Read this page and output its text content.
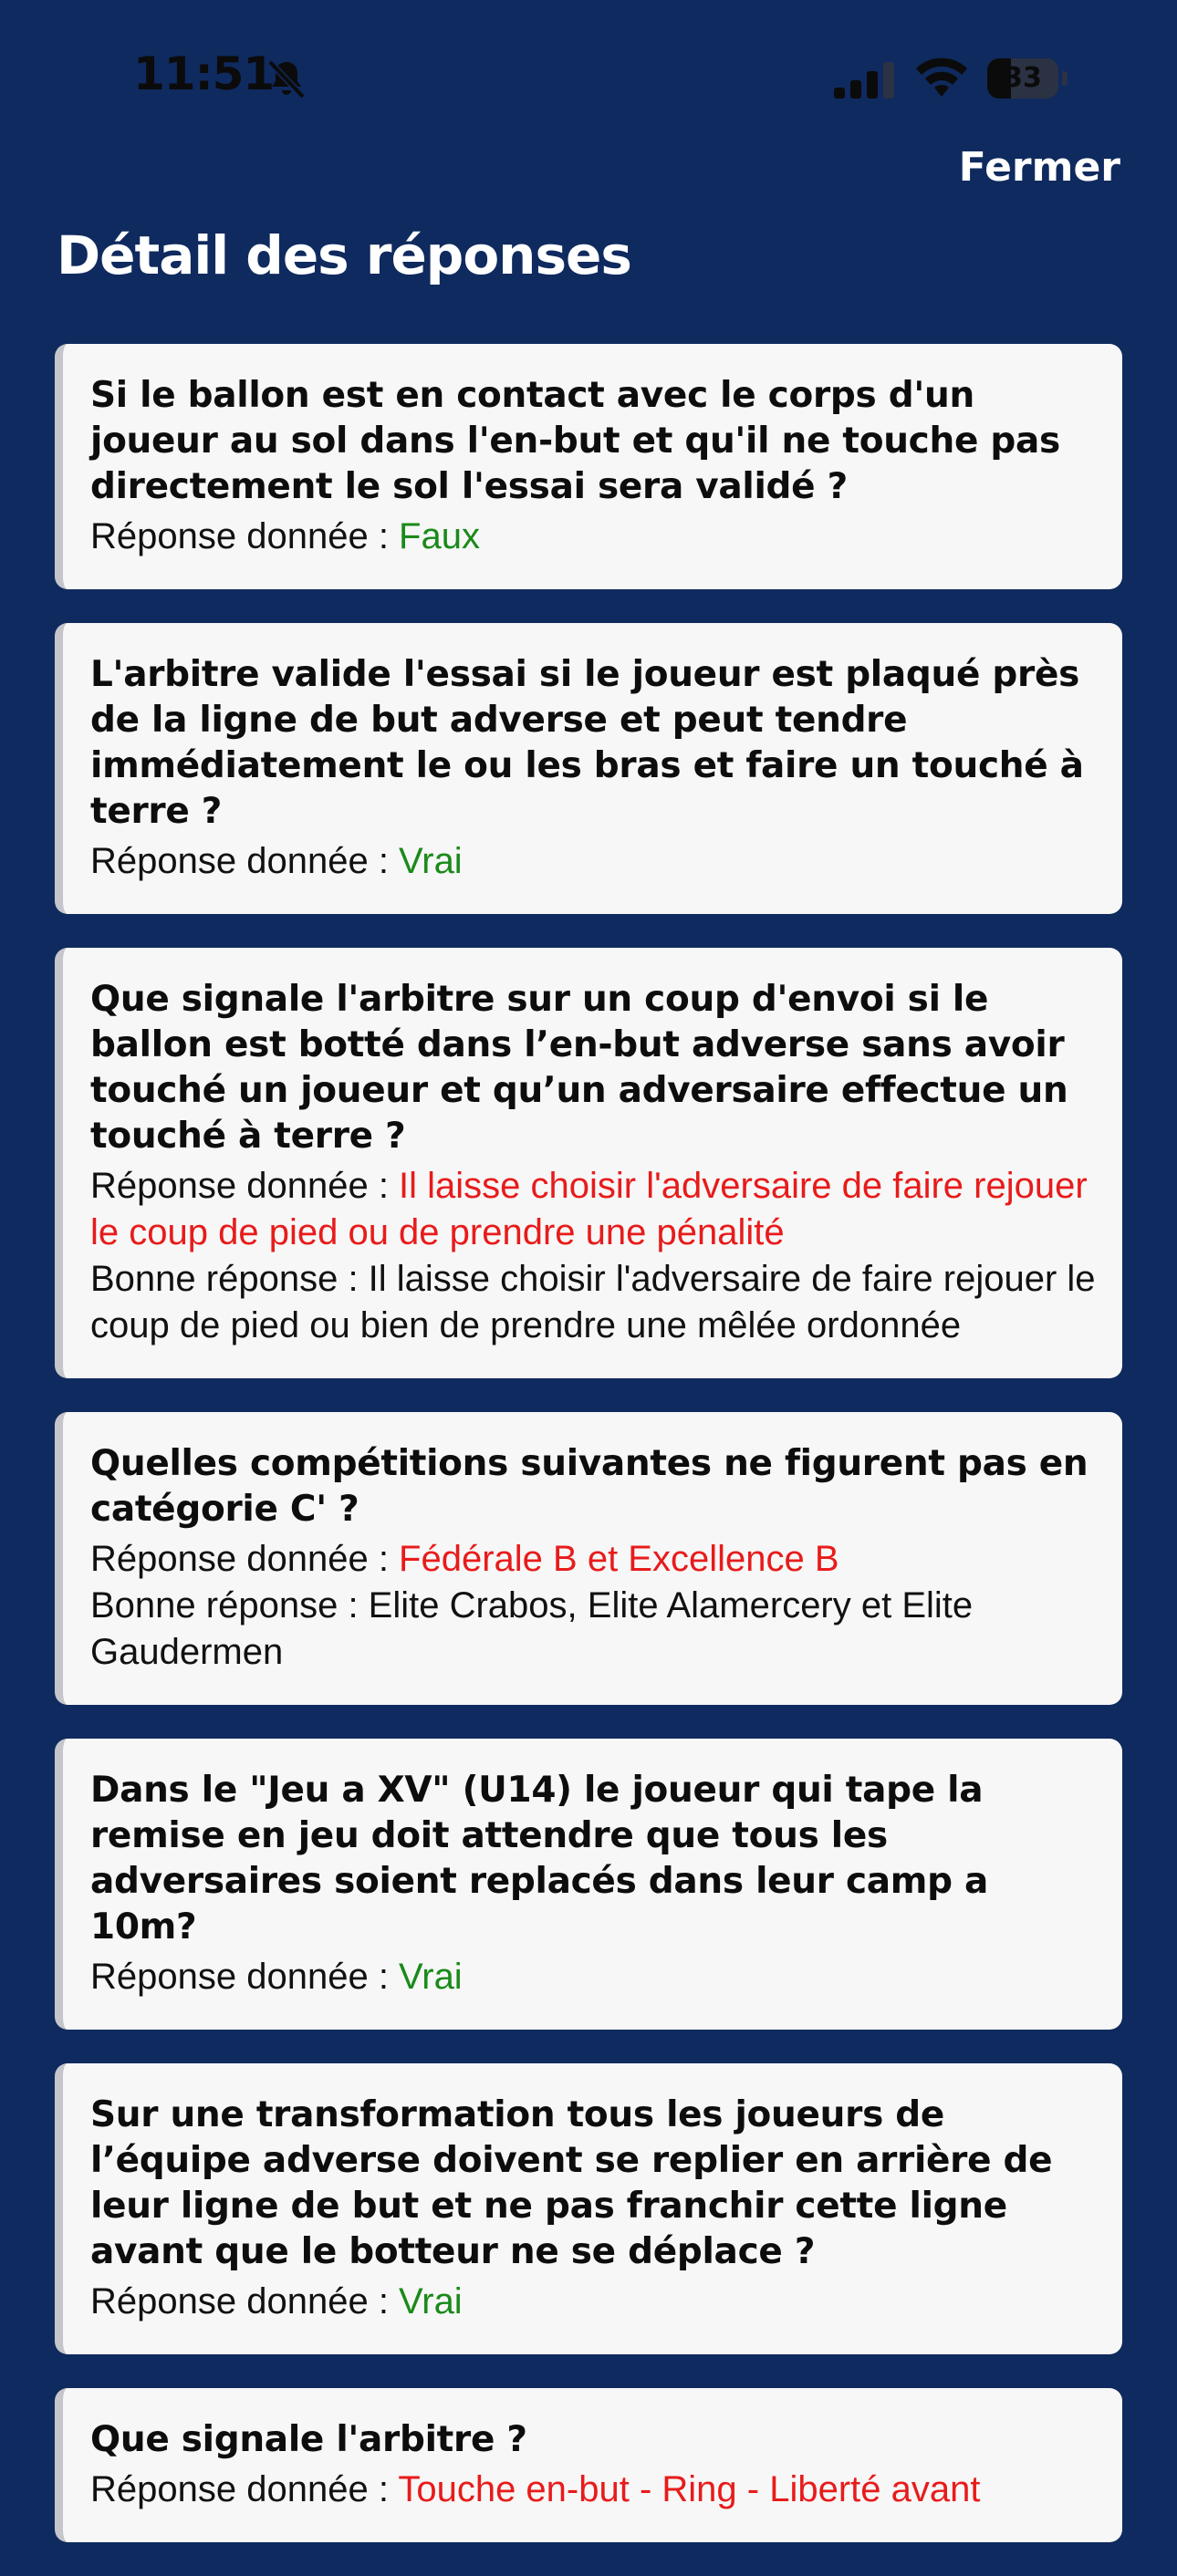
11:51	33
Fermer
Détail des réponses
Si le ballon est en contact avec le corps d'un joueur au sol dans l'en-but et qu'il ne touche pas directement le sol l'essai sera validé ?
Réponse donnée : Faux
L'arbitre valide l'essai si le joueur est plaqué près de la ligne de but adverse et peut tendre immédiatement le ou les bras et faire un touché à terre ?
Réponse donnée : Vrai
Que signale l'arbitre sur un coup d'envoi si le ballon est botté dans l’en-but adverse sans avoir touché un joueur et qu’un adversaire effectue un touché à terre ?
Réponse donnée : Il laisse choisir l'adversaire de faire rejouer le coup de pied ou de prendre une pénalité
Bonne réponse : Il laisse choisir l'adversaire de faire rejouer le coup de pied ou bien de prendre une mêlée ordonnée
Quelles compétitions suivantes ne figurent pas en catégorie C' ?
Réponse donnée : Fédérale B et Excellence B
Bonne réponse : Elite Crabos, Elite Alamercery et Elite Gaudermen
Dans le "Jeu a XV" (U14) le joueur qui tape la remise en jeu doit attendre que tous les adversaires soient replacés dans leur camp a 10m?
Réponse donnée : Vrai
Sur une transformation tous les joueurs de l’équipe adverse doivent se replier en arrière de leur ligne de but et ne pas franchir cette ligne avant que le botteur ne se déplace ?
Réponse donnée : Vrai
Que signale l'arbitre ?
Réponse donnée : Touche en-but - Ring - Liberté avant
